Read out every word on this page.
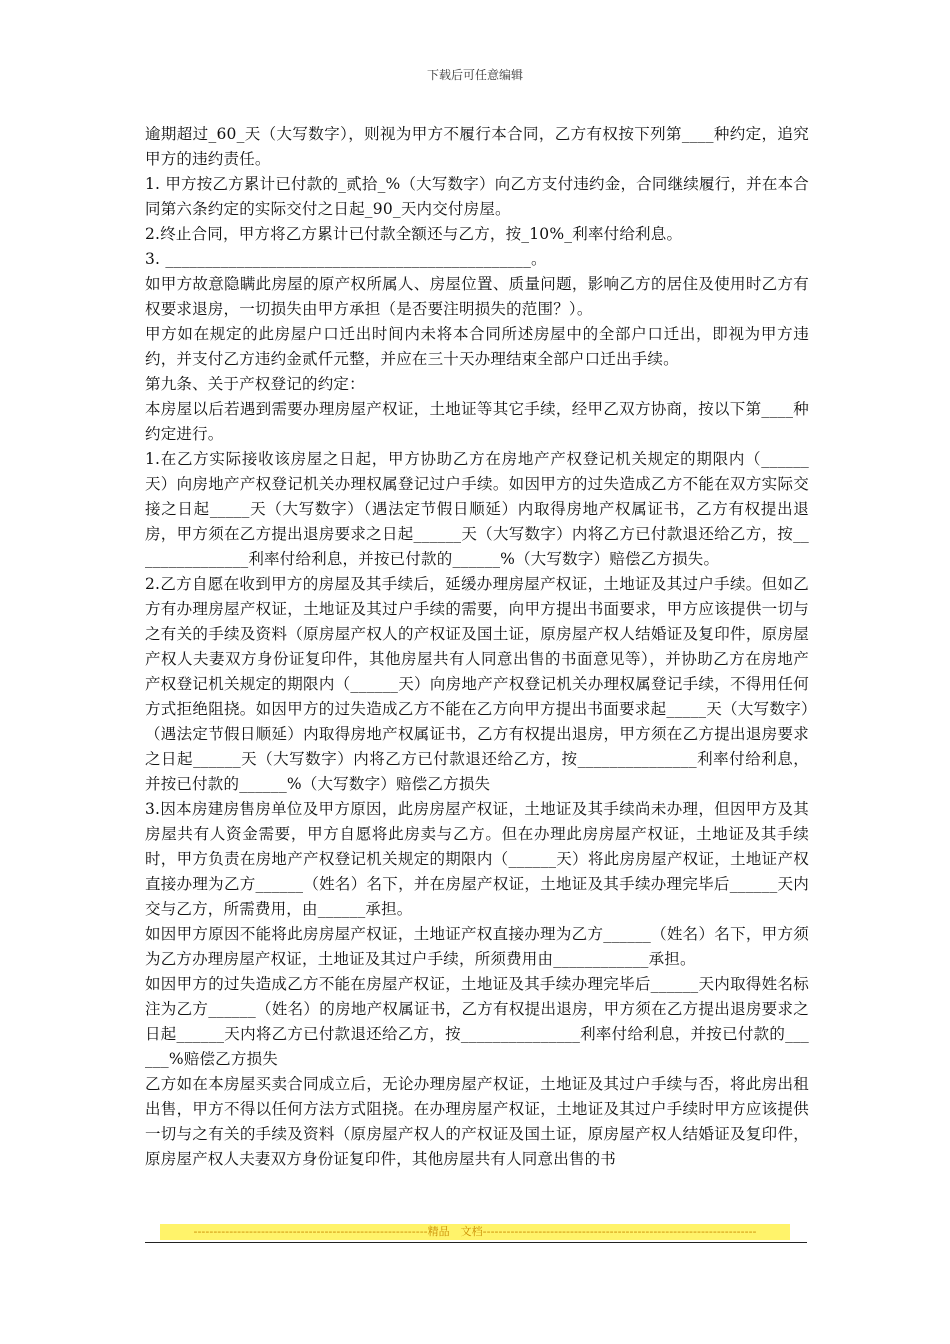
下载后可任意编辑

逾期超过_60_天（大写数字），则视为甲方不履行本合同，乙方有权按下列第____种约定，追究甲方的违约责任。

1. 甲方按乙方累计已付款的_贰拾_%（大写数字）向乙方支付违约金，合同继续履行，并在本合同第六条约定的实际交付之日起_90_天内交付房屋。

2.终止合同，甲方将乙方累计已付款全额还与乙方，按_10%_利率付给利息。

3. ______________________________________________。

如甲方故意隐瞒此房屋的原产权所属人、房屋位置、质量问题，影响乙方的居住及使用时乙方有权要求退房，一切损失由甲方承担（是否要注明损失的范围？）。

甲方如在规定的此房屋户口迁出时间内未将本合同所述房屋中的全部户口迁出，即视为甲方违约，并支付乙方违约金贰仟元整，并应在三十天办理结束全部户口迁出手续。

第九条、关于产权登记的约定：

本房屋以后若遇到需要办理房屋产权证，土地证等其它手续，经甲乙双方协商，按以下第____种约定进行。

1.在乙方实际接收该房屋之日起，甲方协助乙方在房地产产权登记机关规定的期限内（______天）向房地产产权登记机关办理权属登记过户手续。如因甲方的过失造成乙方不能在双方实际交接之日起_____天（大写数字）（遇法定节假日顺延）内取得房地产权属证书，乙方有权提出退房，甲方须在乙方提出退房要求之日起______天（大写数字）内将乙方已付款退还给乙方，按_______________利率付给利息，并按已付款的______%（大写数字）赔偿乙方损失。

2.乙方自愿在收到甲方的房屋及其手续后，延缓办理房屋产权证，土地证及其过户手续。但如乙方有办理房屋产权证，土地证及其过户手续的需要，向甲方提出书面要求，甲方应该提供一切与之有关的手续及资料（原房屋产权人的产权证及国土证，原房屋产权人结婚证及复印件，原房屋产权人夫妻双方身份证复印件，其他房屋共有人同意出售的书面意见等），并协助乙方在房地产产权登记机关规定的期限内（______天）向房地产产权登记机关办理权属登记手续，不得用任何方式拒绝阻挠。如因甲方的过失造成乙方不能在乙方向甲方提出书面要求起_____天（大写数字）（遇法定节假日顺延）内取得房地产权属证书，乙方有权提出退房，甲方须在乙方提出退房要求之日起______天（大写数字）内将乙方已付款退还给乙方，按_______________利率付给利息，并按已付款的______%（大写数字）赔偿乙方损失

3.因本房建房售房单位及甲方原因，此房房屋产权证，土地证及其手续尚未办理，但因甲方及其房屋共有人资金需要，甲方自愿将此房卖与乙方。但在办理此房房屋产权证，土地证及其手续时，甲方负责在房地产产权登记机关规定的期限内（______天）将此房房屋产权证，土地证产权直接办理为乙方______（姓名）名下，并在房屋产权证，土地证及其手续办理完毕后______天内交与乙方，所需费用，由______承担。

如因甲方原因不能将此房房屋产权证，土地证产权直接办理为乙方______（姓名）名下，甲方须为乙方办理房屋产权证，土地证及其过户手续，所须费用由____________承担。

如因甲方的过失造成乙方不能在房屋产权证，土地证及其手续办理完毕后______天内取得姓名标注为乙方______（姓名）的房地产权属证书，乙方有权提出退房，甲方须在乙方提出退房要求之日起______天内将乙方已付款退还给乙方，按_______________利率付给利息，并按已付款的______%赔偿乙方损失

乙方如在本房屋买卖合同成立后，无论办理房屋产权证，土地证及其过户手续与否，将此房出租出售，甲方不得以任何方法方式阻挠。在办理房屋产权证，土地证及其过户手续时甲方应该提供一切与之有关的手续及资料（原房屋产权人的产权证及国土证，原房屋产权人结婚证及复印件，原房屋产权人夫妻双方身份证复印件，其他房屋共有人同意出售的书

-----------------------------------------------------------精品　文档---------------------------------------------------------------------
